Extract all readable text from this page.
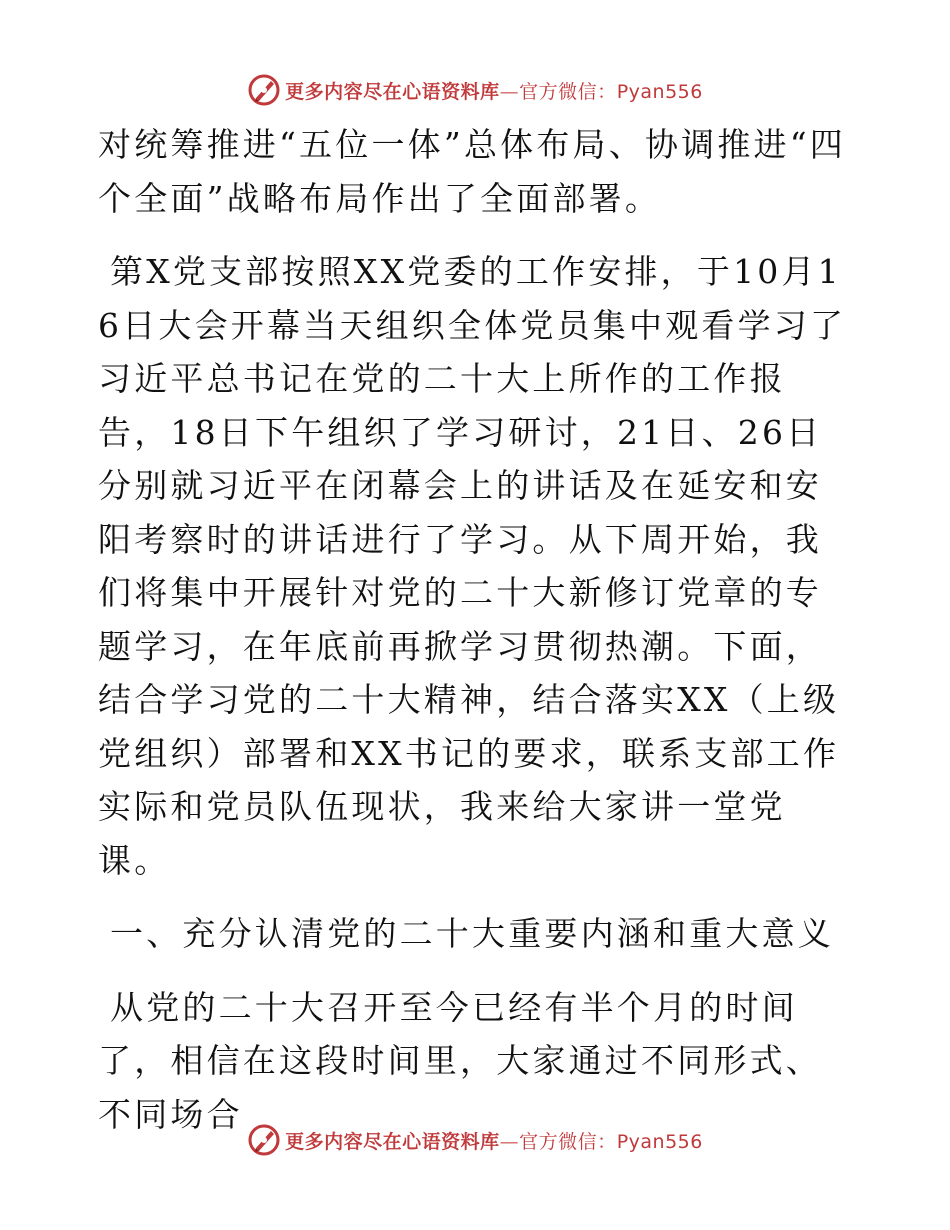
更多内容尽在心语资料库—官方微信：Pyan556

对统筹推进“五位一体”总体布局、协调推进“四个全面”战略布局作出了全面部署。

第X党支部按照XX党委的工作安排，于10月16日大会开幕当天组织全体党员集中观看学习了习近平总书记在党的二十大上所作的工作报告，18日下午组织了学习研讨，21日、26日分别就习近平在闭幕会上的讲话及在延安和安阳考察时的讲话进行了学习。从下周开始，我们将集中开展针对党的二十大新修订党章的专题学习，在年底前再掀学习贯彻热潮。下面，结合学习党的二十大精神，结合落实XX（上级党组织）部署和XX书记的要求，联系支部工作实际和党员队伍现状，我来给大家讲一堂党课。

一、充分认清党的二十大重要内涵和重大意义

从党的二十大召开至今已经有半个月的时间了，相信在这段时间里，大家通过不同形式、不同场合

更多内容尽在心语资料库—官方微信：Pyan556
